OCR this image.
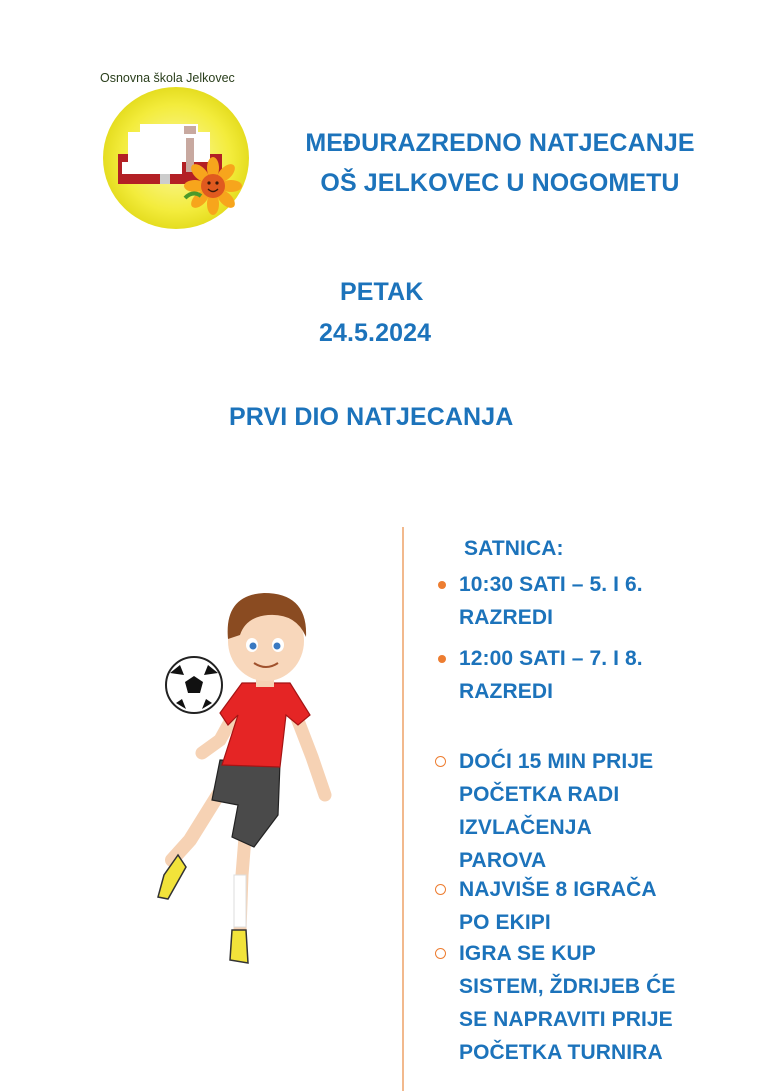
Osnovna škola Jelkovec
MEĐURAZREDNO NATJECANJE
OŠ JELKOVEC U NOGOMETU
PETAK
24.5.2024
PRVI DIO NATJECANJA
SATNICA:
10:30 SATI – 5. I 6.
RAZREDI
12:00 SATI – 7. I 8.
RAZREDI
DOĆI 15 MIN PRIJE
POČETKA RADI
IZVLAČENJA
PAROVA
NAJVIŠE 8 IGRAČA
PO EKIPI
IGRA SE KUP
SISTEM, ŽDRIJEB ĆE
SE NAPRAVITI PRIJE
POČETKA TURNIRA
